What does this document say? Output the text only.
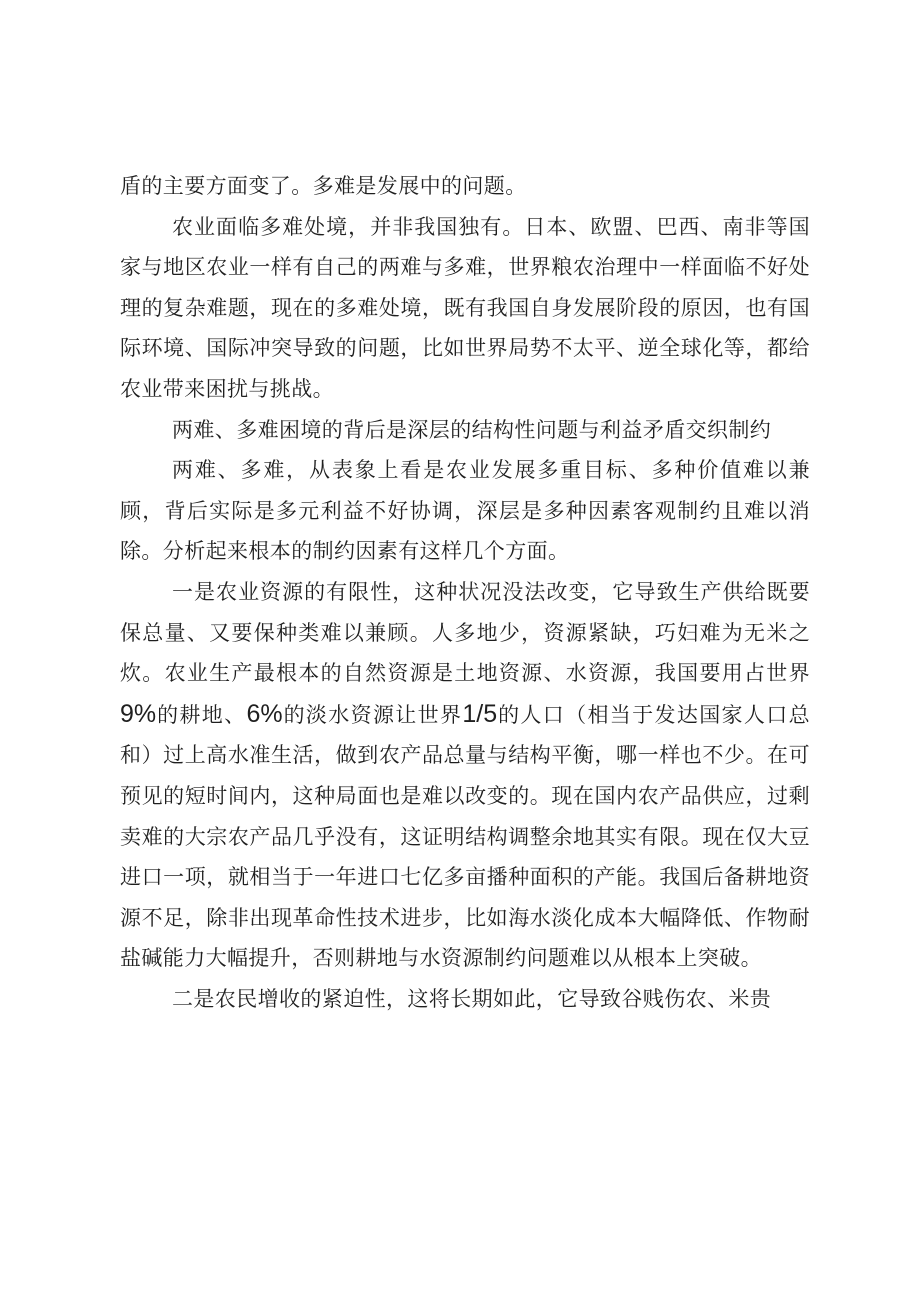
盾的主要方面变了。多难是发展中的问题。

农业面临多难处境，并非我国独有。日本、欧盟、巴西、南非等国家与地区农业一样有自己的两难与多难，世界粮农治理中一样面临不好处理的复杂难题，现在的多难处境，既有我国自身发展阶段的原因，也有国际环境、国际冲突导致的问题，比如世界局势不太平、逆全球化等，都给农业带来困扰与挑战。

两难、多难困境的背后是深层的结构性问题与利益矛盾交织制约

两难、多难，从表象上看是农业发展多重目标、多种价值难以兼顾，背后实际是多元利益不好协调，深层是多种因素客观制约且难以消除。分析起来根本的制约因素有这样几个方面。

一是农业资源的有限性，这种状况没法改变，它导致生产供给既要保总量、又要保种类难以兼顾。人多地少，资源紧缺，巧妇难为无米之炊。农业生产最根本的自然资源是土地资源、水资源，我国要用占世界9%的耕地、6%的淡水资源让世界1/5的人口（相当于发达国家人口总和）过上高水准生活，做到农产品总量与结构平衡，哪一样也不少。在可预见的短时间内，这种局面也是难以改变的。现在国内农产品供应，过剩卖难的大宗农产品几乎没有，这证明结构调整余地其实有限。现在仅大豆进口一项，就相当于一年进口七亿多亩播种面积的产能。我国后备耕地资源不足，除非出现革命性技术进步，比如海水淡化成本大幅降低、作物耐盐碱能力大幅提升，否则耕地与水资源制约问题难以从根本上突破。

二是农民增收的紧迫性，这将长期如此，它导致谷贱伤农、米贵
